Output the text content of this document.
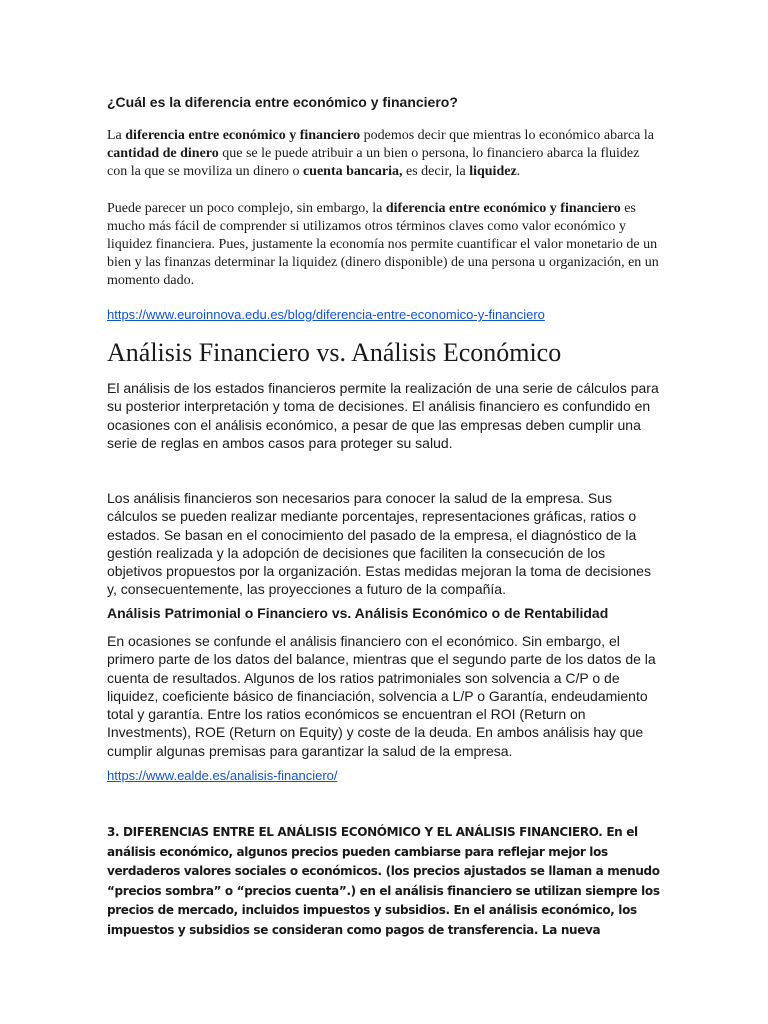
¿Cuál es la diferencia entre económico y financiero?

La diferencia entre económico y financiero podemos decir que mientras lo económico abarca la cantidad de dinero que se le puede atribuir a un bien o persona, lo financiero abarca la fluidez con la que se moviliza un dinero o cuenta bancaria, es decir, la liquidez.

Puede parecer un poco complejo, sin embargo, la diferencia entre económico y financiero es mucho más fácil de comprender si utilizamos otros términos claves como valor económico y liquidez financiera. Pues, justamente la economía nos permite cuantificar el valor monetario de un bien y las finanzas determinar la liquidez (dinero disponible) de una persona u organización, en un momento dado.

https://www.euroinnova.edu.es/blog/diferencia-entre-economico-y-financiero
Análisis Financiero vs. Análisis Económico

El análisis de los estados financieros permite la realización de una serie de cálculos para su posterior interpretación y toma de decisiones. El análisis financiero es confundido en ocasiones con el análisis económico, a pesar de que las empresas deben cumplir una serie de reglas en ambos casos para proteger su salud.

Los análisis financieros son necesarios para conocer la salud de la empresa. Sus cálculos se pueden realizar mediante porcentajes, representaciones gráficas, ratios o estados. Se basan en el conocimiento del pasado de la empresa, el diagnóstico de la gestión realizada y la adopción de decisiones que faciliten la consecución de los objetivos propuestos por la organización. Estas medidas mejoran la toma de decisiones y, consecuentemente, las proyecciones a futuro de la compañía.

Análisis Patrimonial o Financiero vs. Análisis Económico o de Rentabilidad

En ocasiones se confunde el análisis financiero con el económico. Sin embargo, el primero parte de los datos del balance, mientras que el segundo parte de los datos de la cuenta de resultados. Algunos de los ratios patrimoniales son solvencia a C/P o de liquidez, coeficiente básico de financiación, solvencia a L/P o Garantía, endeudamiento total y garantía. Entre los ratios económicos se encuentran el ROI (Return on Investments), ROE (Return on Equity) y coste de la deuda. En ambos análisis hay que cumplir algunas premisas para garantizar la salud de la empresa.

https://www.ealde.es/analisis-financiero/

3. DIFERENCIAS ENTRE EL ANÁLISIS ECONÓMICO Y EL ANÁLISIS FINANCIERO. En el análisis económico, algunos precios pueden cambiarse para reflejar mejor los verdaderos valores sociales o económicos. (los precios ajustados se llaman a menudo “precios sombra” o “precios cuenta”.) en el análisis financiero se utilizan siempre los precios de mercado, incluidos impuestos y subsidios. En el análisis económico, los impuestos y subsidios se consideran como pagos de transferencia. La nueva
